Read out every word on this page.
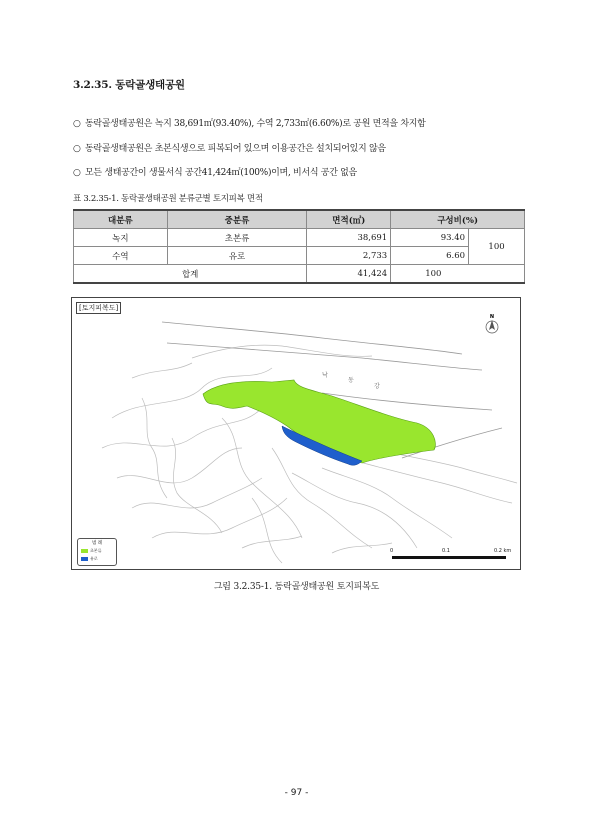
3.2.35. 동락골생태공원
○ 동락골생태공원은 녹지 38,691㎡(93.40%), 수역 2,733㎡(6.60%)로 공원 면적을 차지함
○ 동락골생태공원은 초본식생으로 피복되어 있으며 이용공간은 설치되어있지 않음
○ 모든 생태공간이 생물서식 공간41,424㎡(100%)이며, 비서식 공간 없음
표 3.2.35-1. 동락골생태공원 분류군별 토지피복 면적
대분류	중분류	면적(㎡)	구성비(%)	
녹지	초본류	38,691	93.40	100
수역	유로	2,733	6.60	
합계		41,424	100	
낙
동
강
[토지피복도]
N
범 례
초본류
유로
0	0.1	0.2 km
그림 3.2.35-1. 동락골생태공원 토지피복도
- 97 -
